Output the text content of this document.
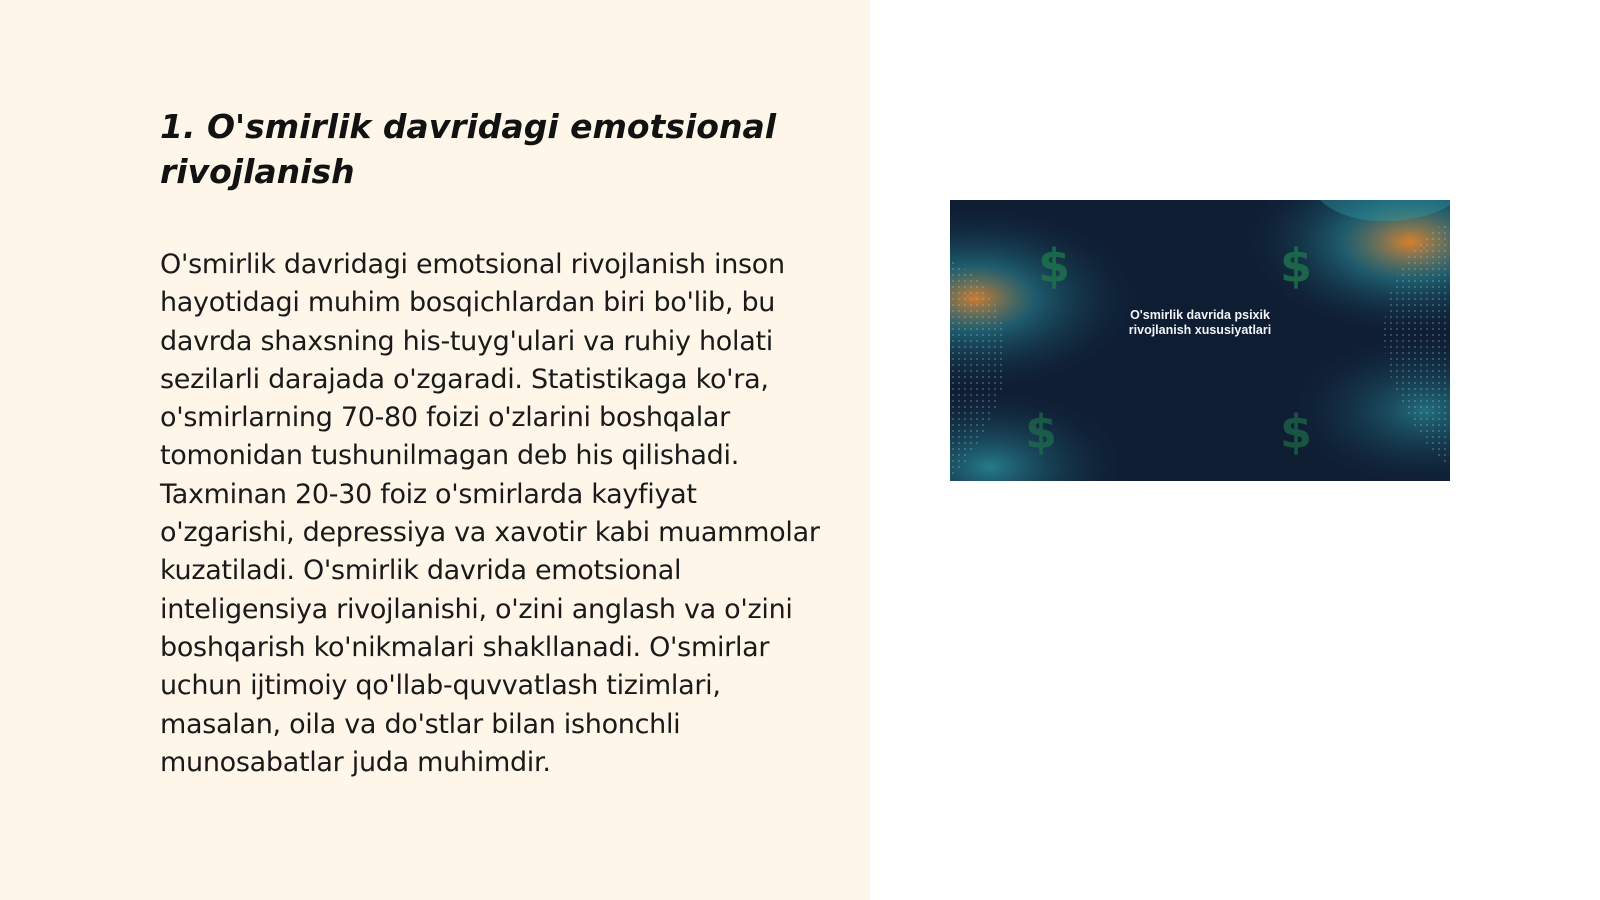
1. O'smirlik davridagi emotsional rivojlanish

O'smirlik davridagi emotsional rivojlanish inson hayotidagi muhim bosqichlardan biri bo'lib, bu davrda shaxsning his-tuyg'ulari va ruhiy holati sezilarli darajada o'zgaradi. Statistikaga ko'ra, o'smirlarning 70-80 foizi o'zlarini boshqalar tomonidan tushunilmagan deb his qilishadi. Taxminan 20-30 foiz o'smirlarda kayfiyat o'zgarishi, depressiya va xavotir kabi muammolar kuzatiladi. O'smirlik davrida emotsional inteligensiya rivojlanishi, o'zini anglash va o'zini boshqarish ko'nikmalari shakllanadi. O'smirlar uchun ijtimoiy qo'llab-quvvatlash tizimlari, masalan, oila va do'stlar bilan ishonchli munosabatlar juda muhimdir.

$	$
$	$
O'smirlik davrida psixik
rivojlanish xususiyatlari
